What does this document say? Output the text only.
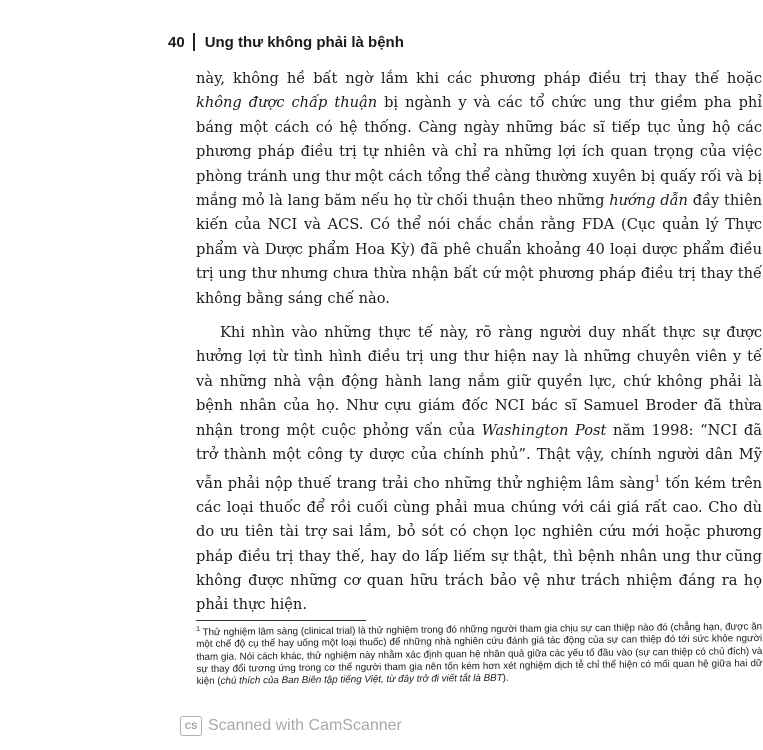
40 Ung thư không phải là bệnh

này, không hề bất ngờ lắm khi các phương pháp điều trị thay thế hoặc không được chấp thuận bị ngành y và các tổ chức ung thư giềm pha phỉ báng một cách có hệ thống. Càng ngày những bác sĩ tiếp tục ủng hộ các phương pháp điều trị tự nhiên và chỉ ra những lợi ích quan trọng của việc phòng tránh ung thư một cách tổng thể càng thường xuyên bị quấy rối và bị mắng mỏ là lang băm nếu họ từ chối thuận theo những hướng dẫn đầy thiên kiến của NCI và ACS. Có thể nói chắc chắn rằng FDA (Cục quản lý Thực phẩm và Dược phẩm Hoa Kỳ) đã phê chuẩn khoảng 40 loại dược phẩm điều trị ung thư nhưng chưa thừa nhận bất cứ một phương pháp điều trị thay thế không bằng sáng chế nào.

Khi nhìn vào những thực tế này, rõ ràng người duy nhất thực sự được hưởng lợi từ tình hình điều trị ung thư hiện nay là những chuyên viên y tế và những nhà vận động hành lang nắm giữ quyền lực, chứ không phải là bệnh nhân của họ. Như cựu giám đốc NCI bác sĩ Samuel Broder đã thừa nhận trong một cuộc phỏng vấn của Washington Post năm 1998: “NCI đã trở thành một công ty dược của chính phủ”. Thật vậy, chính người dân Mỹ vẫn phải nộp thuế trang trải cho những thử nghiệm lâm sàng$^1$ tốn kém trên các loại thuốc để rồi cuối cùng phải mua chúng với cái giá rất cao. Cho dù do ưu tiên tài trợ sai lầm, bỏ sót có chọn lọc nghiên cứu mới hoặc phương pháp điều trị thay thế, hay do lấp liếm sự thật, thì bệnh nhân ung thư cũng không được những cơ quan hữu trách bảo vệ như trách nhiệm đáng ra họ phải thực hiện.

$^1$ Thử nghiệm lâm sàng (clinical trial) là thử nghiệm trong đó những người tham gia chịu sự can thiệp nào đó (chẳng hạn, được ăn một chế độ cụ thể hay uống một loại thuốc) để những nhà nghiên cứu đánh giá tác động của sự can thiệp đó tới sức khỏe người tham gia. Nói cách khác, thử nghiệm này nhằm xác định quan hệ nhân quả giữa các yếu tố đầu vào (sự can thiệp có chủ đích) và sự thay đổi tương ứng trong cơ thể người tham gia nên tốn kém hơn xét nghiệm dịch tễ chỉ thể hiện có mối quan hệ giữa hai dữ kiện (chú thích của Ban Biên tập tiếng Việt, từ đây trở đi viết tắt là BBT).
CS Scanned with CamScanner
